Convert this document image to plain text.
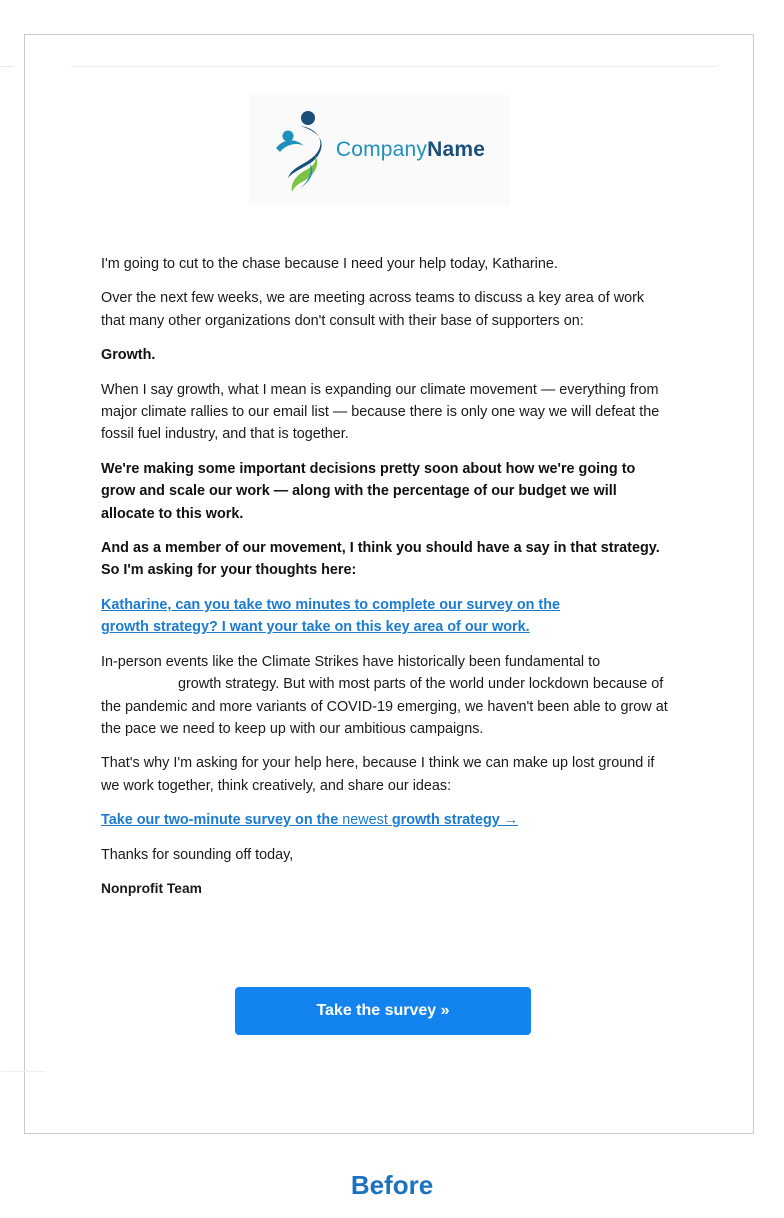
CompanyName

I'm going to cut to the chase because I need your help today, Katharine.

Over the next few weeks, we are meeting across teams to discuss a key area of work that many other organizations don't consult with their base of supporters on:

Growth.

When I say growth, what I mean is expanding our climate movement — everything from major climate rallies to our email list — because there is only one way we will defeat the fossil fuel industry, and that is together.

We're making some important decisions pretty soon about how we're going to grow and scale our work — along with the percentage of our budget we will allocate to this work.

And as a member of our movement, I think you should have a say in that strategy. So I'm asking for your thoughts here:

Katharine, can you take two minutes to complete our survey on the
growth strategy? I want your take on this key area of our work.

In-person events like the Climate Strikes have historically been fundamental to
growth strategy. But with most parts of the world under lockdown because of the pandemic and more variants of COVID-19 emerging, we haven't been able to grow at the pace we need to keep up with our ambitious campaigns.

That's why I'm asking for your help here, because I think we can make up lost ground if we work together, think creatively, and share our ideas:

Take our two-minute survey on the newest growth strategy →

Thanks for sounding off today,

Nonprofit Team

Take the survey »
Before
